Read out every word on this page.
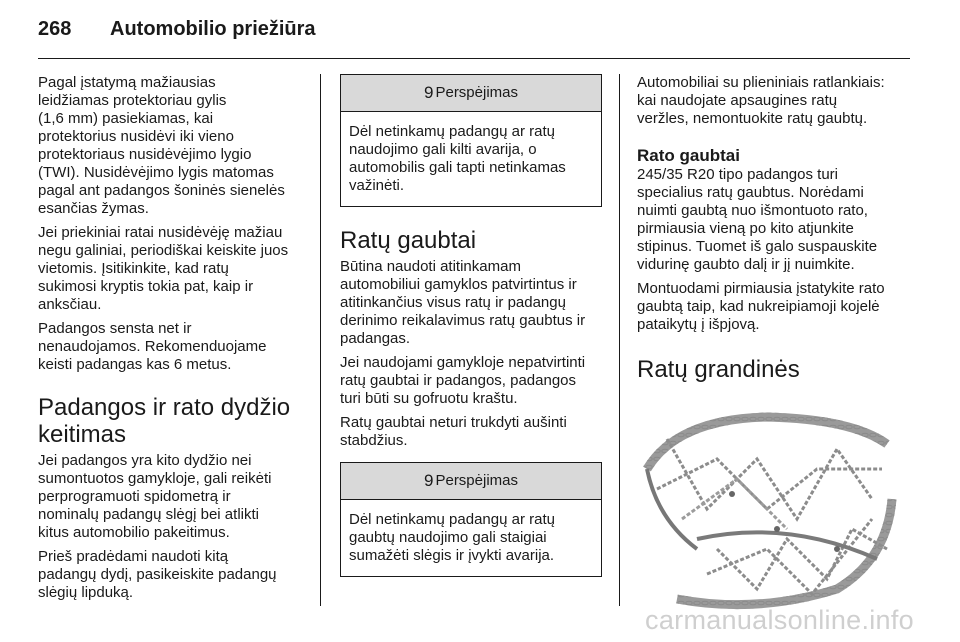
268	Automobilio priežiūra

Pagal įstatymą mažiausias
leidžiamas protektoriau gylis
(1,6 mm) pasiekiamas, kai
protektorius nusidėvi iki vieno
protektoriaus nusidėvėjimo lygio
(TWI). Nusidėvėjimo lygis matomas
pagal ant padangos šoninės sienelės
esančias žymas.

Jei priekiniai ratai nusidėvėję mažiau
negu galiniai, periodiškai keiskite juos
vietomis. Įsitikinkite, kad ratų
sukimosi kryptis tokia pat, kaip ir
anksčiau.

Padangos sensta net ir
nenaudojamos. Rekomenduojame
keisti padangas kas 6 metus.

Padangos ir rato dydžio
keitimas

Jei padangos yra kito dydžio nei
sumontuotos gamykloje, gali reikėti
perprogramuoti spidometrą ir
nominalų padangų slėgį bei atlikti
kitus automobilio pakeitimus.

Prieš pradėdami naudoti kitą
padangų dydį, pasikeiskite padangų
slėgių lipduką.

9 Perspėjimas
Dėl netinkamų padangų ar ratų
naudojimo gali kilti avarija, o
automobilis gali tapti netinkamas
važinėti.
Ratų gaubtai

Būtina naudoti atitinkamam
automobiliui gamyklos patvirtintus ir
atitinkančius visus ratų ir padangų
derinimo reikalavimus ratų gaubtus ir
padangas.

Jei naudojami gamykloje nepatvirtinti
ratų gaubtai ir padangos, padangos
turi būti su gofruotu kraštu.

Ratų gaubtai neturi trukdyti aušinti
stabdžius.

9 Perspėjimas
Dėl netinkamų padangų ar ratų
gaubtų naudojimo gali staigiai
sumažėti slėgis ir įvykti avarija.

Automobiliai su plieniniais ratlankiais:
kai naudojate apsaugines ratų
veržles, nemontuokite ratų gaubtų.

Rato gaubtai

245/35 R20 tipo padangos turi
specialius ratų gaubtus. Norėdami
nuimti gaubtą nuo išmontuoto rato,
pirmiausia vieną po kito atjunkite
stipinus. Tuomet iš galo suspauskite
vidurinę gaubto dalį ir jį nuimkite.

Montuodami pirmiausia įstatykite rato
gaubtą taip, kad nukreipiamoji kojelė
pataikytų į išpjovą.

Ratų grandinės
carmanualsonline.info
